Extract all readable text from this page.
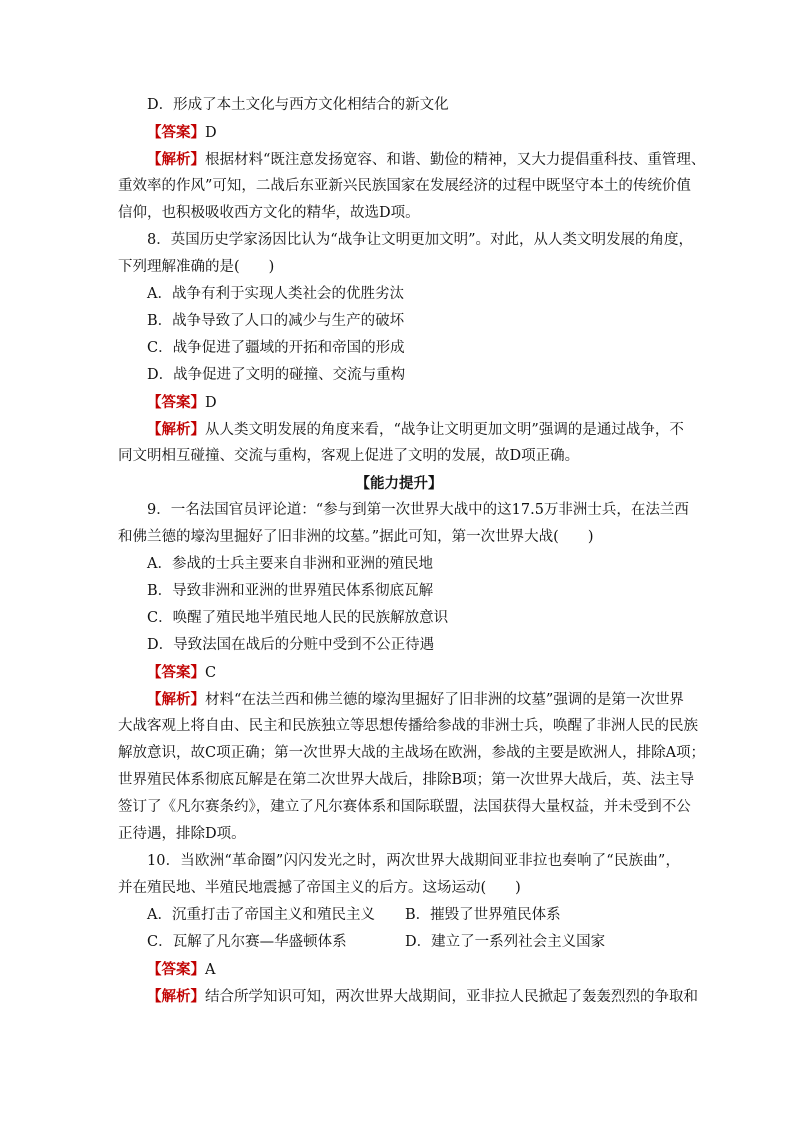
D．形成了本土文化与西方文化相结合的新文化
【答案】D
【解析】根据材料“既注意发扬宽容、和谐、勤俭的精神，又大力提倡重科技、重管理、
重效率的作风”可知，二战后东亚新兴民族国家在发展经济的过程中既坚守本土的传统价值
信仰，也积极吸收西方文化的精华，故选D项。
8．英国历史学家汤因比认为“战争让文明更加文明”。对此，从人类文明发展的角度，
下列理解准确的是(　　)
A．战争有利于实现人类社会的优胜劣汰
B．战争导致了人口的减少与生产的破坏
C．战争促进了疆域的开拓和帝国的形成
D．战争促进了文明的碰撞、交流与重构
【答案】D
【解析】从人类文明发展的角度来看，“战争让文明更加文明”强调的是通过战争，不
同文明相互碰撞、交流与重构，客观上促进了文明的发展，故D项正确。
【能力提升】
9．一名法国官员评论道：“参与到第一次世界大战中的这17.5万非洲士兵，在法兰西
和佛兰德的壕沟里掘好了旧非洲的坟墓。”据此可知，第一次世界大战(　　)
A．参战的士兵主要来自非洲和亚洲的殖民地
B．导致非洲和亚洲的世界殖民体系彻底瓦解
C．唤醒了殖民地半殖民地人民的民族解放意识
D．导致法国在战后的分赃中受到不公正待遇
【答案】C
【解析】材料“在法兰西和佛兰德的壕沟里掘好了旧非洲的坟墓”强调的是第一次世界
大战客观上将自由、民主和民族独立等思想传播给参战的非洲士兵，唤醒了非洲人民的民族
解放意识，故C项正确；第一次世界大战的主战场在欧洲，参战的主要是欧洲人，排除A项；
世界殖民体系彻底瓦解是在第二次世界大战后，排除B项；第一次世界大战后，英、法主导
签订了《凡尔赛条约》，建立了凡尔赛体系和国际联盟，法国获得大量权益，并未受到不公
正待遇，排除D项。
10．当欧洲“革命圈”闪闪发光之时，两次世界大战期间亚非拉也奏响了“民族曲”，
并在殖民地、半殖民地震撼了帝国主义的后方。这场运动(　　)
A．沉重打击了帝国主义和殖民主义	B．摧毁了世界殖民体系
C．瓦解了凡尔赛—华盛顿体系	D．建立了一系列社会主义国家
【答案】A
【解析】结合所学知识可知，两次世界大战期间，亚非拉人民掀起了轰轰烈烈的争取和
